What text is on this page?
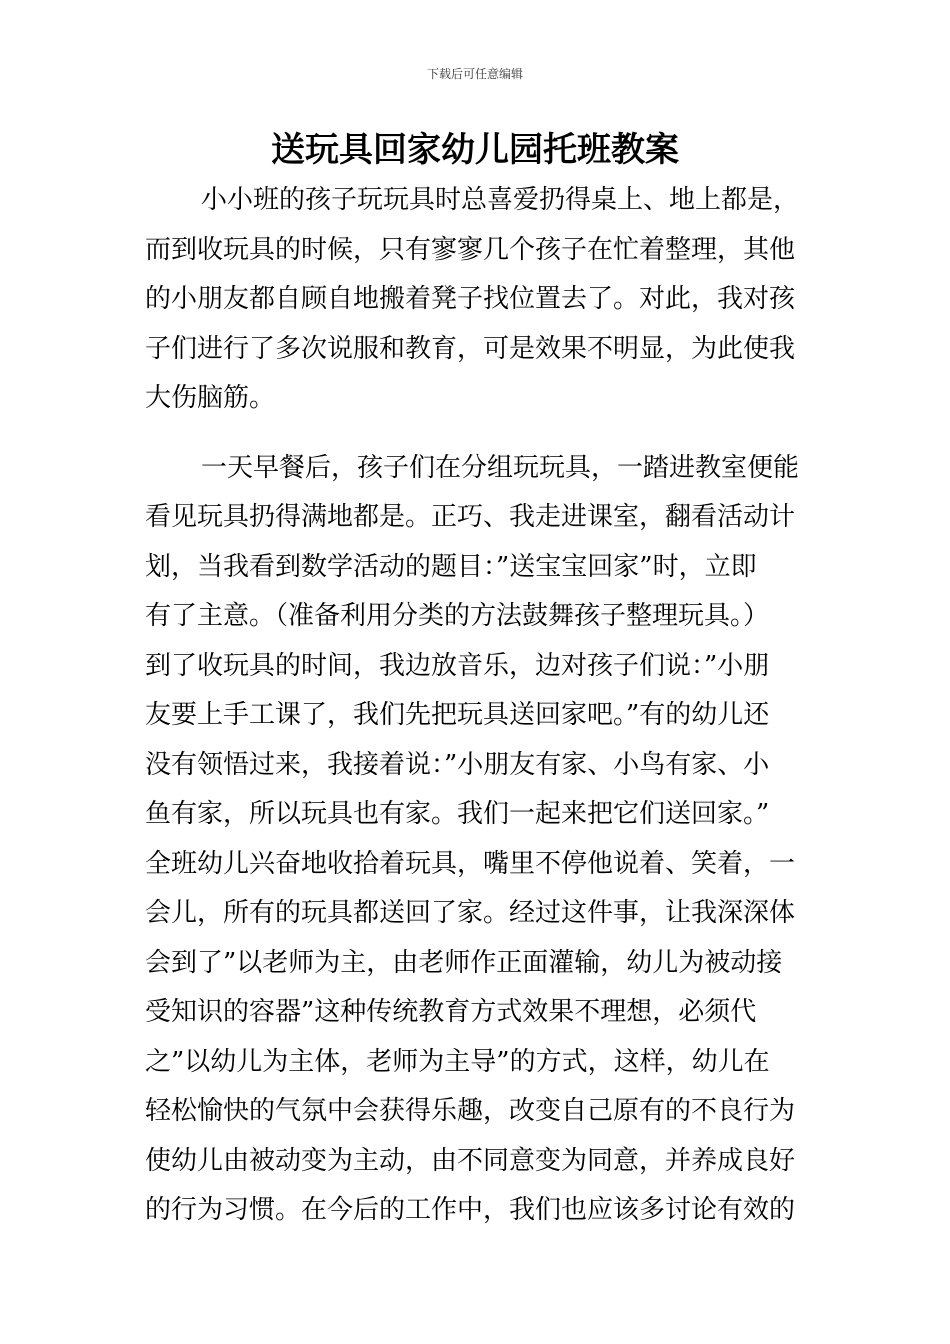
下载后可任意编辑
送玩具回家幼儿园托班教案
小小班的孩子玩玩具时总喜爱扔得桌上、地上都是，
而到收玩具的时候，只有寥寥几个孩子在忙着整理，其他
的小朋友都自顾自地搬着凳子找位置去了。对此，我对孩
子们进行了多次说服和教育，可是效果不明显，为此使我
大伤脑筋。
一天早餐后，孩子们在分组玩玩具，一踏进教室便能
看见玩具扔得满地都是。正巧、我走进课室，翻看活动计
划，当我看到数学活动的题目：”送宝宝回家”时，立即
有了主意。（准备利用分类的方法鼓舞孩子整理玩具。）
到了收玩具的时间，我边放音乐，边对孩子们说：”小朋
友要上手工课了，我们先把玩具送回家吧。”有的幼儿还
没有领悟过来，我接着说：”小朋友有家、小鸟有家、小
鱼有家，所以玩具也有家。我们一起来把它们送回家。”
全班幼儿兴奋地收拾着玩具，嘴里不停他说着、笑着，一
会儿，所有的玩具都送回了家。经过这件事，让我深深体
会到了”以老师为主，由老师作正面灌输，幼儿为被动接
受知识的容器”这种传统教育方式效果不理想，必须代
之”以幼儿为主体，老师为主导”的方式，这样，幼儿在
轻松愉快的气氛中会获得乐趣，改变自己原有的不良行为
使幼儿由被动变为主动，由不同意变为同意，并养成良好
的行为习惯。在今后的工作中，我们也应该多讨论有效的
